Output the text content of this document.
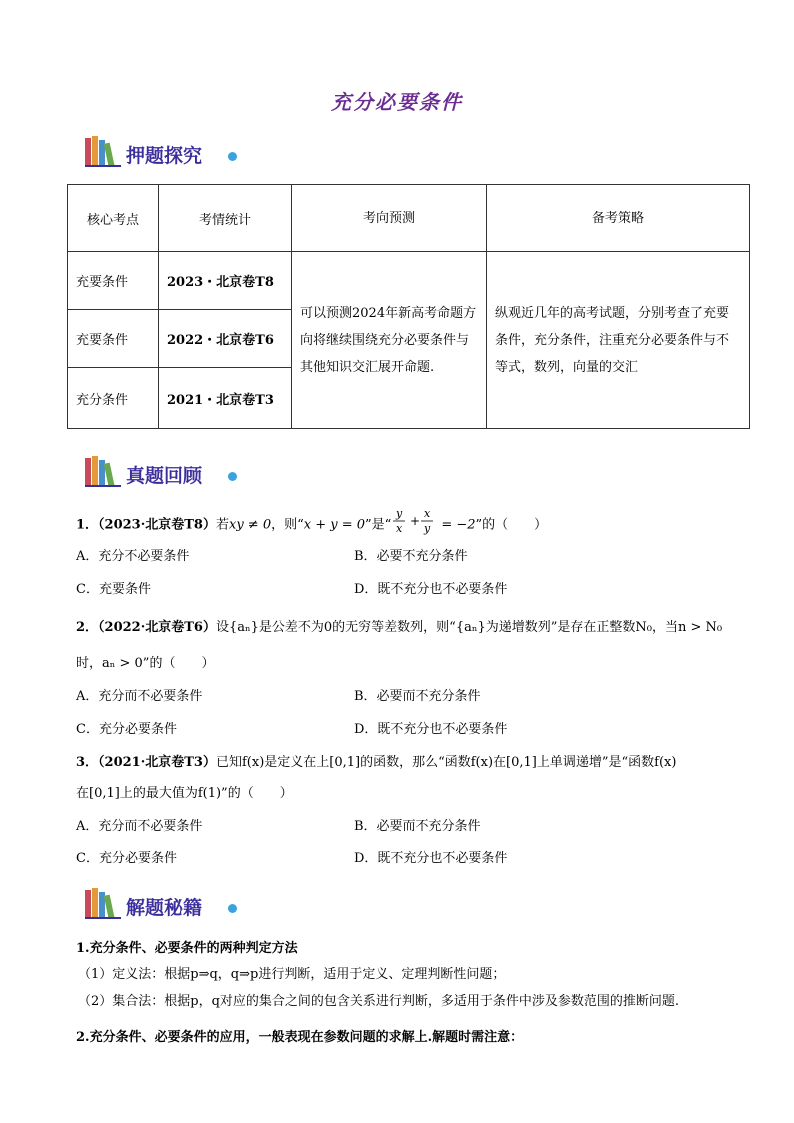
充分必要条件
押题探究
核心考点	考情统计	考向预测	备考策略
充要条件	2023・北京卷T8	可以预测2024年新高考命题方向将继续围绕充分必要条件与其他知识交汇展开命题.	纵观近几年的高考试题，分别考查了充要条件，充分条件，注重充分必要条件与不等式，数列，向量的交汇
充要条件	2022・北京卷T6		
充分条件	2021・北京卷T3		
真题回顾
1．（2023·北京卷T8）若xy ≠ 0，则“x + y = 0”是“
y
x
+
x
y = −2”的（　　）
A．充分不必要条件	B．必要不充分条件
C．充要条件	D．既不充分也不必要条件
2．（2022·北京卷T6）设{aₙ}是公差不为0的无穷等差数列，则“{aₙ}为递增数列”是存在正整数N₀，当n > N₀
时，aₙ > 0”的（　　）
A．充分而不必要条件	B．必要而不充分条件
C．充分必要条件	D．既不充分也不必要条件
3．（2021·北京卷T3）已知f(x)是定义在上[0,1]的函数，那么“函数f(x)在[0,1]上单调递增”是“函数f(x)
在[0,1]上的最大值为f(1)”的（　　）
A．充分而不必要条件	B．必要而不充分条件
C．充分必要条件	D．既不充分也不必要条件
解题秘籍
1.充分条件、必要条件的两种判定方法
（1）定义法：根据p⇒q，q⇒p进行判断，适用于定义、定理判断性问题；
（2）集合法：根据p，q对应的集合之间的包含关系进行判断，多适用于条件中涉及参数范围的推断问题.
2.充分条件、必要条件的应用，一般表现在参数问题的求解上.解题时需注意：
